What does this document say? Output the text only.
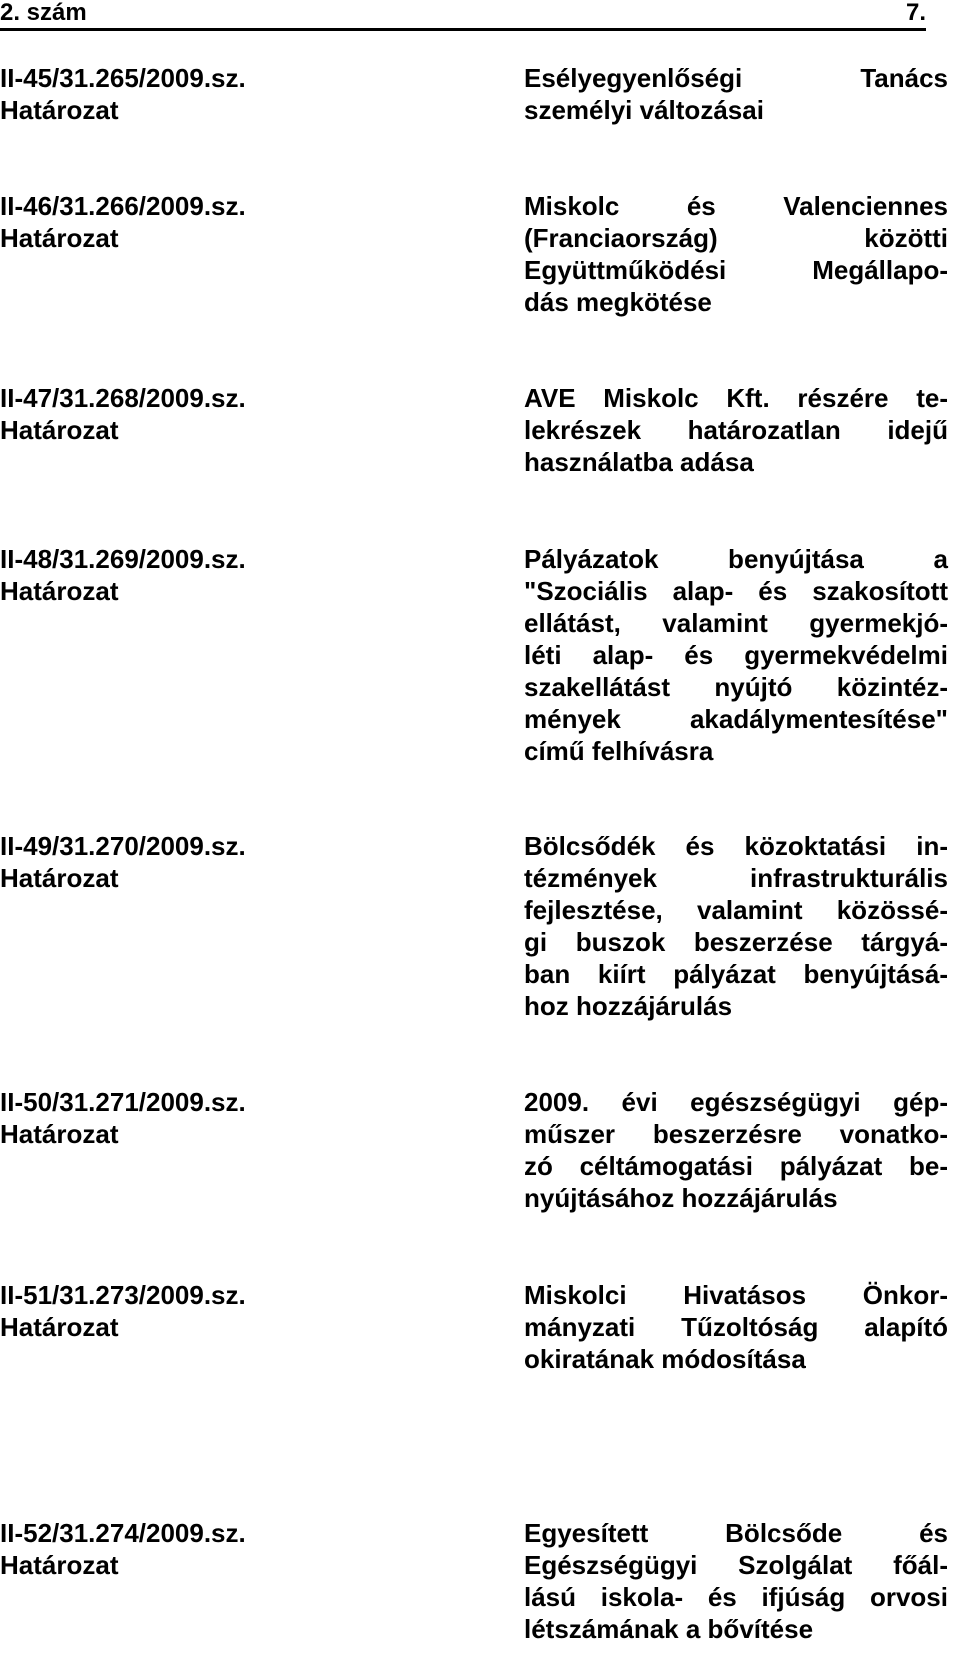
2. szám	7.
II-45/31.265/2009.sz.
Határozat
Esélyegyenlőségi Tanács
személyi változásai
II-46/31.266/2009.sz.
Határozat
Miskolc és Valenciennes
(Franciaország) közötti
Együttműködési Megállapo-
dás megkötése
II-47/31.268/2009.sz.
Határozat
AVE Miskolc Kft. részére te-
lekrészek határozatlan idejű
használatba adása
II-48/31.269/2009.sz.
Határozat
Pályázatok benyújtása a
"Szociális alap- és szakosított
ellátást, valamint gyermekjó-
léti alap- és gyermekvédelmi
szakellátást nyújtó közintéz-
mények akadálymentesítése"
című felhívásra
II-49/31.270/2009.sz.
Határozat
Bölcsődék és közoktatási in-
tézmények infrastrukturális
fejlesztése, valamint közössé-
gi buszok beszerzése tárgyá-
ban kiírt pályázat benyújtásá-
hoz hozzájárulás
II-50/31.271/2009.sz.
Határozat
2009. évi egészségügyi gép-
műszer beszerzésre vonatko-
zó céltámogatási pályázat be-
nyújtásához hozzájárulás
II-51/31.273/2009.sz.
Határozat
Miskolci Hivatásos Önkor-
mányzati Tűzoltóság alapító
okiratának módosítása
II-52/31.274/2009.sz.
Határozat
Egyesített Bölcsőde és
Egészségügyi Szolgálat főál-
lású iskola- és ifjúság orvosi
létszámának a bővítése
